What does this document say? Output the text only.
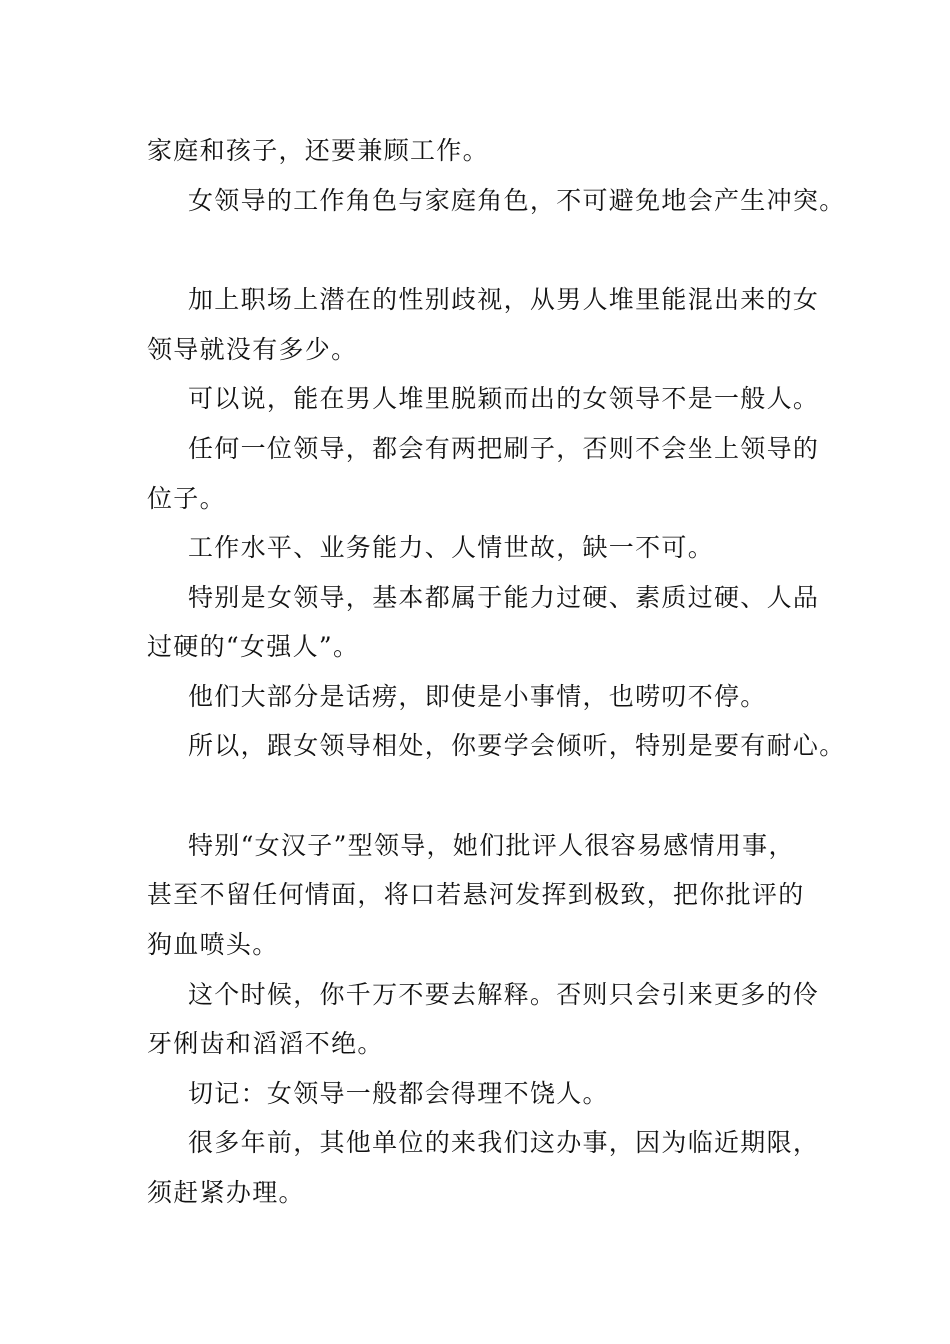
家庭和孩子，还要兼顾工作。
女领导的工作角色与家庭角色，不可避免地会产生冲突。
加上职场上潜在的性别歧视，从男人堆里能混出来的女
领导就没有多少。
可以说，能在男人堆里脱颖而出的女领导不是一般人。
任何一位领导，都会有两把刷子，否则不会坐上领导的
位子。
工作水平、业务能力、人情世故，缺一不可。
特别是女领导，基本都属于能力过硬、素质过硬、人品
过硬的“女强人”。
他们大部分是话痨，即使是小事情，也唠叨不停。
所以，跟女领导相处，你要学会倾听，特别是要有耐心。
特别“女汉子”型领导，她们批评人很容易感情用事，
甚至不留任何情面，将口若悬河发挥到极致，把你批评的
狗血喷头。
这个时候，你千万不要去解释。否则只会引来更多的伶
牙俐齿和滔滔不绝。
切记：女领导一般都会得理不饶人。
很多年前，其他单位的来我们这办事，因为临近期限，
须赶紧办理。
